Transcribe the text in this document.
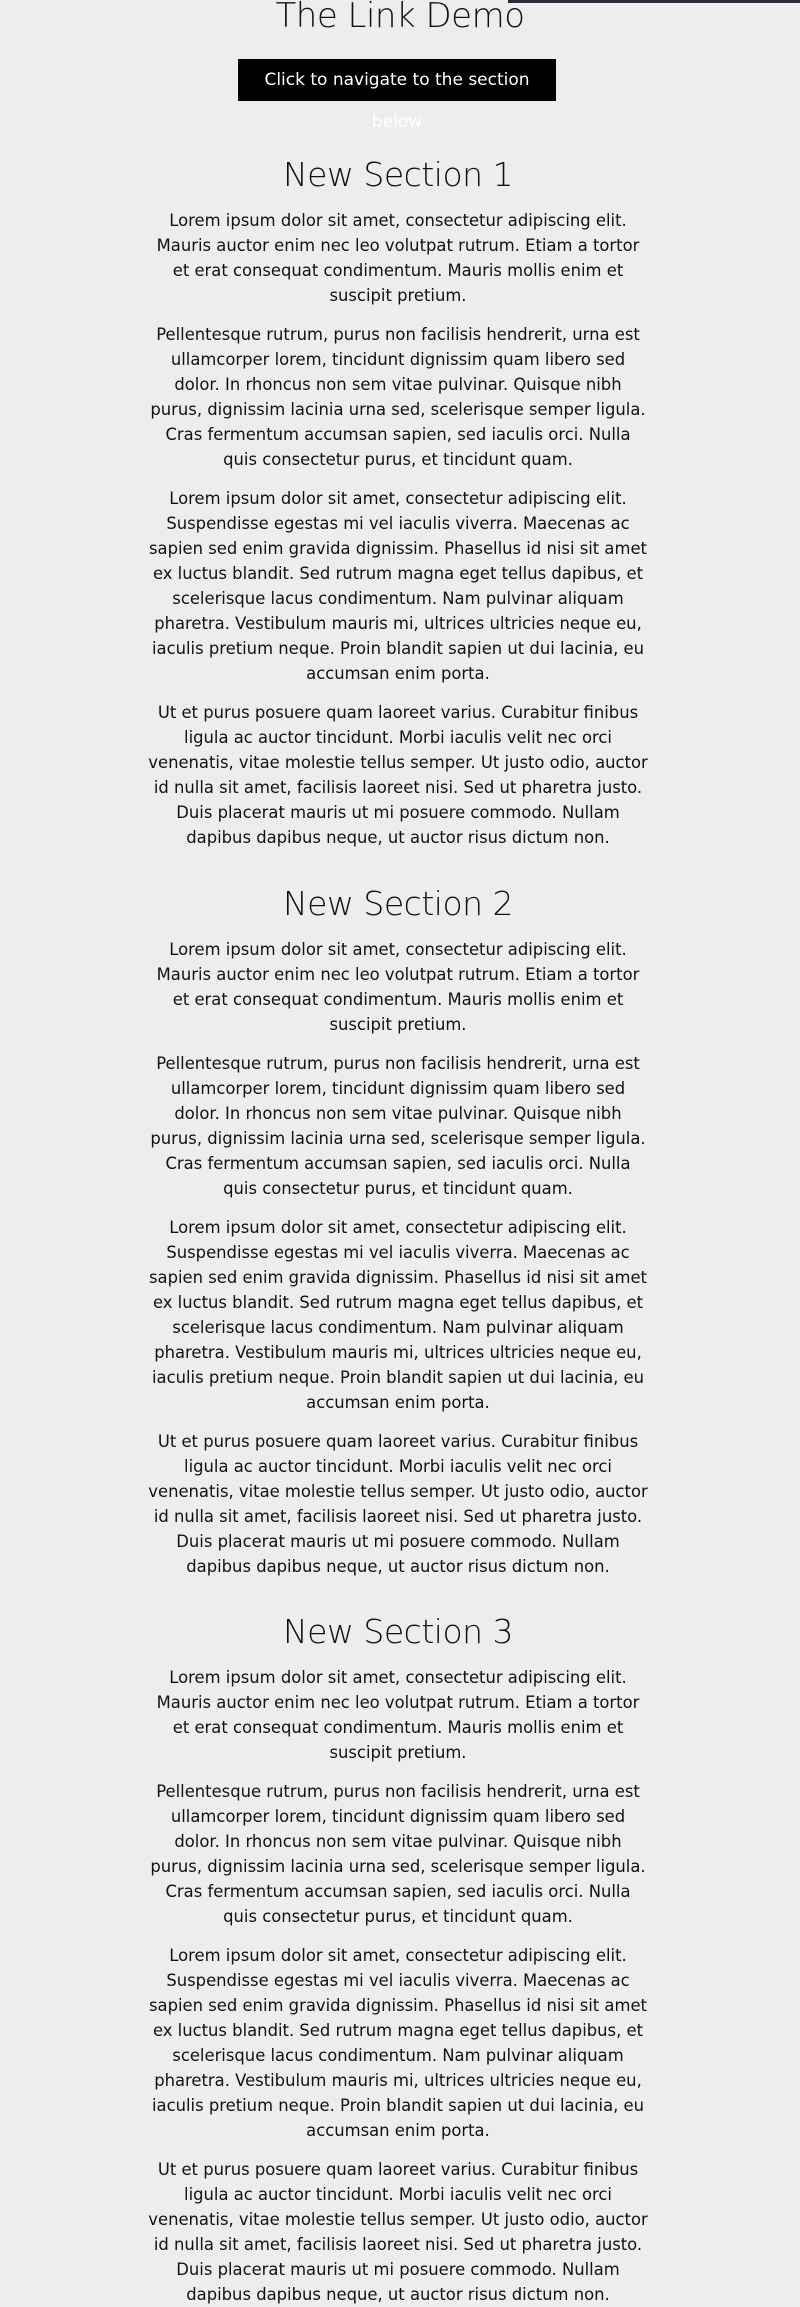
The Link Demo
Click to navigate to the section below
New Section 1

Lorem ipsum dolor sit amet, consectetur adipiscing elit. Mauris auctor enim nec leo volutpat rutrum. Etiam a tortor et erat consequat condimentum. Mauris mollis enim et suscipit pretium.

Pellentesque rutrum, purus non facilisis hendrerit, urna est ullamcorper lorem, tincidunt dignissim quam libero sed dolor. In rhoncus non sem vitae pulvinar. Quisque nibh purus, dignissim lacinia urna sed, scelerisque semper ligula. Cras fermentum accumsan sapien, sed iaculis orci. Nulla quis consectetur purus, et tincidunt quam.

Lorem ipsum dolor sit amet, consectetur adipiscing elit. Suspendisse egestas mi vel iaculis viverra. Maecenas ac sapien sed enim gravida dignissim. Phasellus id nisi sit amet ex luctus blandit. Sed rutrum magna eget tellus dapibus, et scelerisque lacus condimentum. Nam pulvinar aliquam pharetra. Vestibulum mauris mi, ultrices ultricies neque eu, iaculis pretium neque. Proin blandit sapien ut dui lacinia, eu accumsan enim porta.

Ut et purus posuere quam laoreet varius. Curabitur finibus ligula ac auctor tincidunt. Morbi iaculis velit nec orci venenatis, vitae molestie tellus semper. Ut justo odio, auctor id nulla sit amet, facilisis laoreet nisi. Sed ut pharetra justo. Duis placerat mauris ut mi posuere commodo. Nullam dapibus dapibus neque, ut auctor risus dictum non.

New Section 2

Lorem ipsum dolor sit amet, consectetur adipiscing elit. Mauris auctor enim nec leo volutpat rutrum. Etiam a tortor et erat consequat condimentum. Mauris mollis enim et suscipit pretium.

Pellentesque rutrum, purus non facilisis hendrerit, urna est ullamcorper lorem, tincidunt dignissim quam libero sed dolor. In rhoncus non sem vitae pulvinar. Quisque nibh purus, dignissim lacinia urna sed, scelerisque semper ligula. Cras fermentum accumsan sapien, sed iaculis orci. Nulla quis consectetur purus, et tincidunt quam.

Lorem ipsum dolor sit amet, consectetur adipiscing elit. Suspendisse egestas mi vel iaculis viverra. Maecenas ac sapien sed enim gravida dignissim. Phasellus id nisi sit amet ex luctus blandit. Sed rutrum magna eget tellus dapibus, et scelerisque lacus condimentum. Nam pulvinar aliquam pharetra. Vestibulum mauris mi, ultrices ultricies neque eu, iaculis pretium neque. Proin blandit sapien ut dui lacinia, eu accumsan enim porta.

Ut et purus posuere quam laoreet varius. Curabitur finibus ligula ac auctor tincidunt. Morbi iaculis velit nec orci venenatis, vitae molestie tellus semper. Ut justo odio, auctor id nulla sit amet, facilisis laoreet nisi. Sed ut pharetra justo. Duis placerat mauris ut mi posuere commodo. Nullam dapibus dapibus neque, ut auctor risus dictum non.

New Section 3

Lorem ipsum dolor sit amet, consectetur adipiscing elit. Mauris auctor enim nec leo volutpat rutrum. Etiam a tortor et erat consequat condimentum. Mauris mollis enim et suscipit pretium.

Pellentesque rutrum, purus non facilisis hendrerit, urna est ullamcorper lorem, tincidunt dignissim quam libero sed dolor. In rhoncus non sem vitae pulvinar. Quisque nibh purus, dignissim lacinia urna sed, scelerisque semper ligula. Cras fermentum accumsan sapien, sed iaculis orci. Nulla quis consectetur purus, et tincidunt quam.

Lorem ipsum dolor sit amet, consectetur adipiscing elit. Suspendisse egestas mi vel iaculis viverra. Maecenas ac sapien sed enim gravida dignissim. Phasellus id nisi sit amet ex luctus blandit. Sed rutrum magna eget tellus dapibus, et scelerisque lacus condimentum. Nam pulvinar aliquam pharetra. Vestibulum mauris mi, ultrices ultricies neque eu, iaculis pretium neque. Proin blandit sapien ut dui lacinia, eu accumsan enim porta.

Ut et purus posuere quam laoreet varius. Curabitur finibus ligula ac auctor tincidunt. Morbi iaculis velit nec orci venenatis, vitae molestie tellus semper. Ut justo odio, auctor id nulla sit amet, facilisis laoreet nisi. Sed ut pharetra justo. Duis placerat mauris ut mi posuere commodo. Nullam dapibus dapibus neque, ut auctor risus dictum non.
